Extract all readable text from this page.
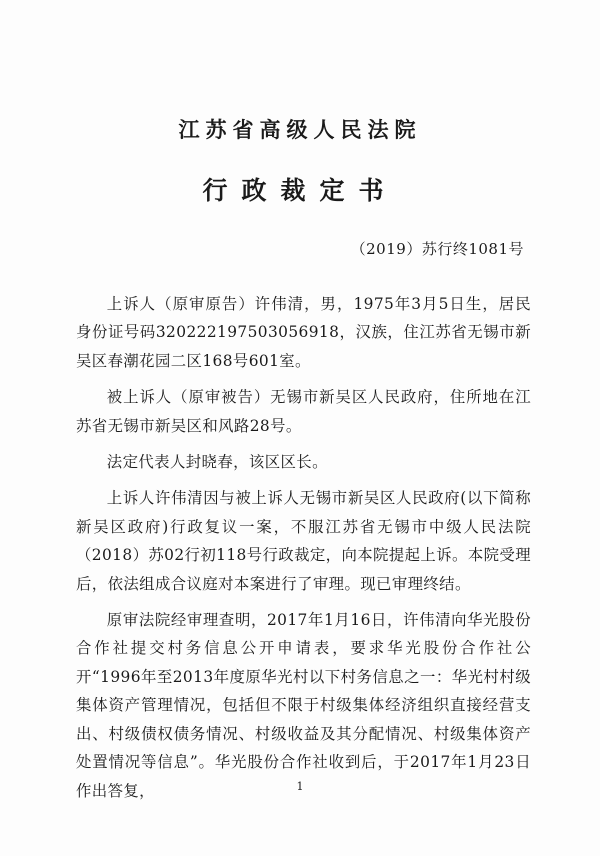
江苏省高级人民法院
行政裁定书
（2019）苏行终1081号

上诉人（原审原告）许伟清，男，1975年3月5日生，居民身份证号码320222197503056918，汉族，住江苏省无锡市新吴区春潮花园二区168号601室。

被上诉人（原审被告）无锡市新吴区人民政府，住所地在江苏省无锡市新吴区和风路28号。

法定代表人封晓春，该区区长。

上诉人许伟清因与被上诉人无锡市新吴区人民政府(以下简称新吴区政府)行政复议一案，不服江苏省无锡市中级人民法院（2018）苏02行初118号行政裁定，向本院提起上诉。本院受理后，依法组成合议庭对本案进行了审理。现已审理终结。

原审法院经审理查明，2017年1月16日，许伟清向华光股份合作社提交村务信息公开申请表，要求华光股份合作社公开“1996年至2013年度原华光村以下村务信息之一：华光村村级集体资产管理情况，包括但不限于村级集体经济组织直接经营支出、村级债权债务情况、村级收益及其分配情况、村级集体资产处置情况等信息”。华光股份合作社收到后，于2017年1月23日作出答复，	1
